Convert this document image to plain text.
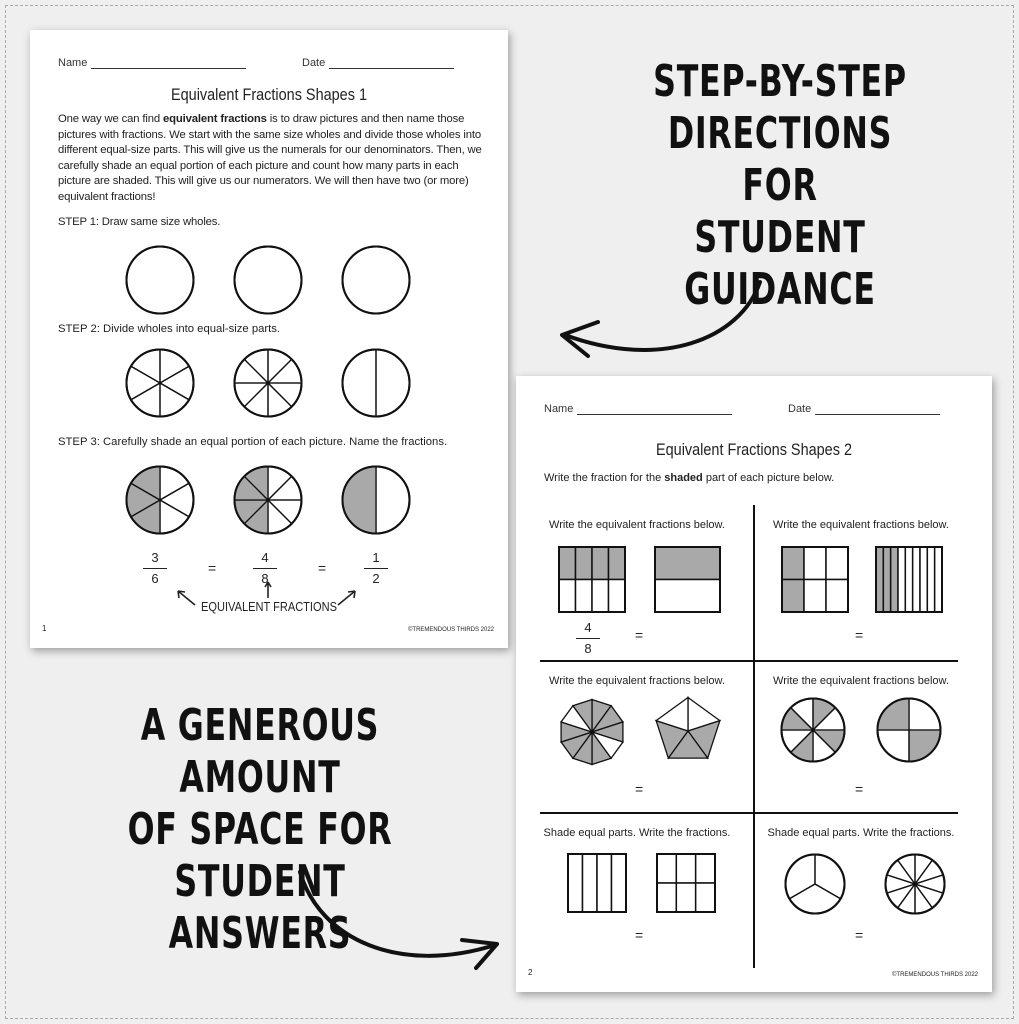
STEP-BY-STEP
DIRECTIONS FOR
STUDENT
GUIDANCE
A GENEROUS AMOUNT
OF SPACE FOR
STUDENT ANSWERS
Name	Date
Equivalent Fractions Shapes 1
One way we can find equivalent fractions is to draw pictures and then name those pictures with fractions. We start with the same size wholes and divide those wholes into different equal-size parts. This will give us the numerals for our denominators. Then, we carefully shade an equal portion of each picture and count how many parts in each picture are shaded. This will give us our numerators. We will then have two (or more) equivalent fractions!
STEP 1: Draw same size wholes.
STEP 2: Divide wholes into equal-size parts.
STEP 3: Carefully shade an equal portion of each picture. Name the fractions.
3
6
=
4
8
=
1
2
EQUIVALENT FRACTIONS
1	©TREMENDOUS THIRDS 2022
Name	Date
Equivalent Fractions Shapes 2
Write the fraction for the shaded part of each picture below.
Write the equivalent fractions below.	Write the equivalent fractions below.
Write the equivalent fractions below.	Write the equivalent fractions below.
Shade equal parts. Write the fractions.	Shade equal parts. Write the fractions.
4
8
=	=
=	=
=	=
2	©TREMENDOUS THIRDS 2022
